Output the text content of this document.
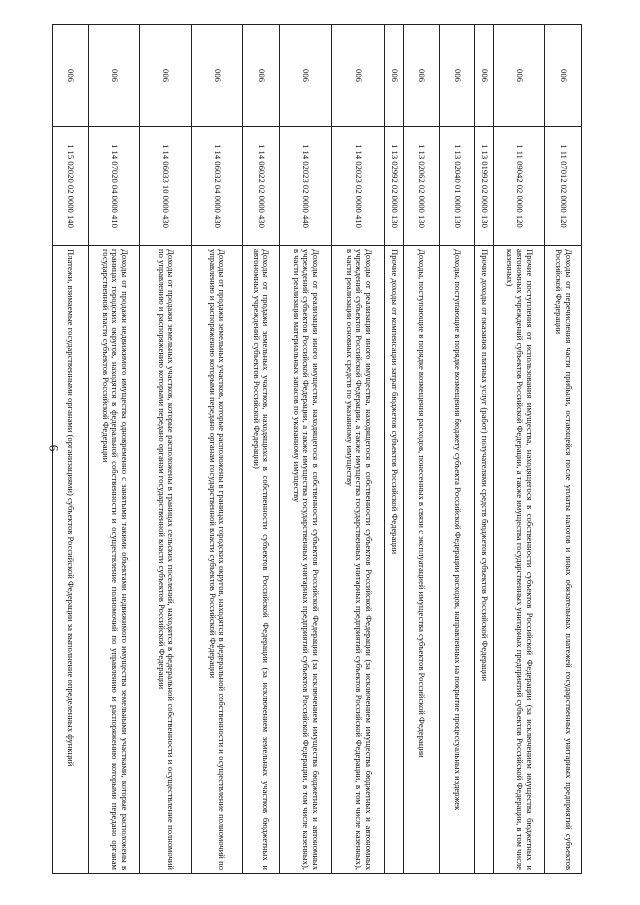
6
006	1 11 07012 02 0000 120	Доходы от перечисления части прибыли, остающейся после уплаты налогов и иных обязательных платежей государственных унитарных предприятий субъектов Российской Федерации
006	1 11 09042 02 0000 120	Прочие поступления от использования имущества, находящегося в собственности субъектов Российской Федерации (за исключением имущества бюджетных и автономных учреждений субъектов Российской Федерации, а также имущества государственных унитарных предприятий субъектов Российской Федерации, в том числе казенных)
006	1 13 01992 02 0000 130	Прочие доходы от оказания платных услуг (работ) получателями средств бюджетов субъектов Российской Федерации
006	1 13 02040 01 0000 130	Доходы, поступающие в порядке возмещения бюджету субъекта Российской Федерации расходов, направленных на покрытие процессуальных издержек
006	1 13 02062 02 0000 130	Доходы, поступающие в порядке возмещения расходов, понесенных в связи с эксплуатацией имущества субъектов Российской Федерации
006	1 13 02992 02 0000 130	Прочие доходы от компенсации затрат бюджетов субъектов Российской Федерации
006	1 14 02023 02 0000 410	Доходы от реализации иного имущества, находящегося в собственности субъектов Российской Федерации (за исключением имущества бюджетных и автономных учреждений субъектов Российской Федерации, а также имущества государственных унитарных предприятий субъектов Российской Федерации, в том числе казенных), в части реализации основных средств по указанному имуществу
006	1 14 02023 02 0000 440	Доходы от реализации иного имущества, находящегося в собственности субъектов Российской Федерации (за исключением имущества бюджетных и автономных учреждений субъектов Российской Федерации, а также имущества государственных унитарных предприятий субъектов Российской Федерации, в том числе казенных), в части реализации материальных запасов по указанному имуществу
006	1 14 06022 02 0000 430	Доходы от продажи земельных участков, находящихся в собственности субъектов Российской Федерации (за исключением земельных участков бюджетных и автономных учреждений субъектов Российской Федерации)
006	1 14 06032 04 0000 430	Доходы от продажи земельных участков, которые расположены в границах городских округов, находятся в федеральной собственности и осуществление полномочий по управлению и распоряжению которыми передано органам государственной власти субъектов Российской Федерации
006	1 14 06033 10 0000 430	Доходы от продажи земельных участков, которые расположены в границах сельских поселений, находятся в федеральной собственности и осуществление полномочий по управлению и распоряжению которыми передано органам государственной власти субъектов Российской Федерации
006	1 14 07020 04 0000 410	Доходы от продажи недвижимого имущества одновременно с занятыми такими объектами недвижимого имущества земельными участками, которые расположены в границах городских округов, находятся в федеральной собственности и осуществление полномочий по управлению и распоряжению которыми передано органам государственной власти субъектов Российской Федерации
006	1 15 02020 02 0000 140	Платежи, взимаемые государственными органами (организациями) субъектов Российской Федерации за выполнение определенных функций
